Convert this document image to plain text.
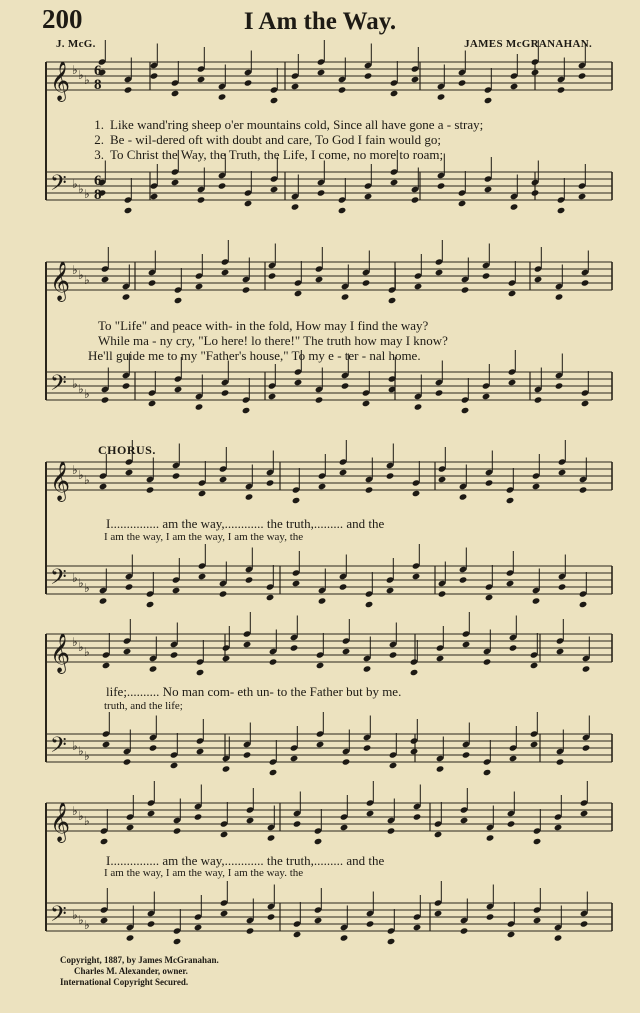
200	I Am the Way.
J. McG.	JAMES McGRANAHAN.
𝄞 ♭ ♭ ♭
𝄢 ♭ ♭ ♭
𝄞 ♭ ♭ ♭
𝄢 ♭ ♭ ♭
𝄞 ♭ ♭ ♭
𝄢 ♭ ♭ ♭
𝄞 ♭ ♭ ♭
𝄢 ♭ ♭ ♭
𝄞 ♭ ♭ ♭
𝄢 ♭ ♭ ♭
6
8
6
8
1. Like wand'ring sheep o'er mountains cold, Since all have gone a - stray;
2. Be - wil-dered oft with doubt and care, To God I fain would go;
3. To Christ the Way, the Truth, the Life, I come, no more to roam;
To "Life" and peace with- in the fold, How may I find the way?
While ma - ny cry, "Lo here! lo there!" The truth how may I know?
He'll guide me to my "Father's house," To my e - ter - nal home.
CHORUS.
I............... am the way,............ the truth,......... and the
I am the way, I am the way, I am the way, the
life;.......... No man com- eth un- to the Father but by me.
truth, and the life;
I............... am the way,............ the truth,......... and the
I am the way, I am the way, I am the way. the
Copyright, 1887, by James McGranahan.
Charles M. Alexander, owner.
International Copyright Secured.
